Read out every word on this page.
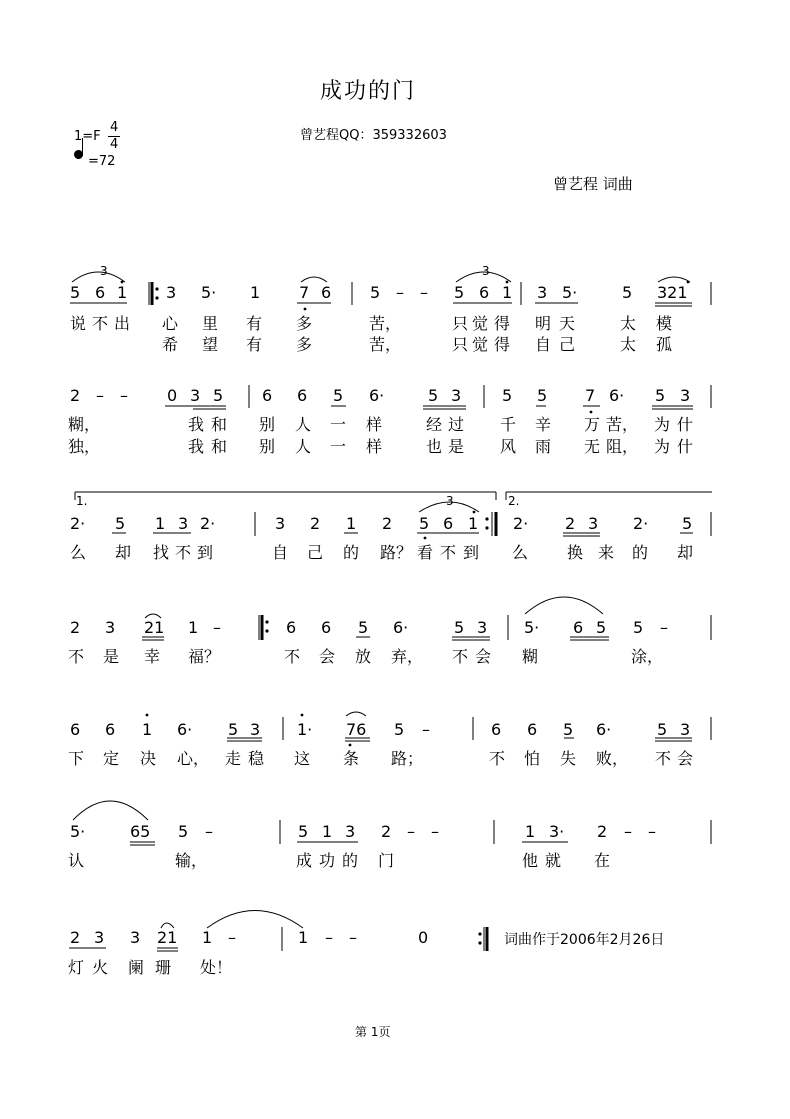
成功的门
1=F
4
4
=72
曾艺程QQ：359332603
曾艺程 词曲
3	3
5 6 1 3 5· 1 7 6 5 – – 5 6 1 3 5·	5 321
说 不 出 心 里 有 多	苦，	只 觉 得 明 天	太 模
希 望 有 多	苦，	只 觉 得 自 己	太 孤
2 – – 0 3 5 6 6 5 6·	5 3	5 5 7 6· 5 3
糊，	我 和 别 人 一 样	经 过 千 辛 万 苦， 为 什
独，	我 和 别 人 一 样	也 是 风 雨 无 阻， 为 什
1.	2.
3
2· 5 1 3 2·	3 2 1 2 5 6 1 2· 2 3 2· 5
么 却 找 不 到	自 己 的 路？ 看 不 到 么 换 来 的 却
2 3 21 1 –	6 6 5 6·	5 3 5· 6 5 5 –
不 是 幸 福？	不 会 放 弃， 不 会 糊	涂，
6 6 1 6· 5 3 1· 76 5 –	6 6 5 6·	5 3
下 定 决 心， 走 稳 这 条 路；	不 怕 失 败， 不 会
5·	65 5 –	5 1 3 2 – –	1 3· 2 – –
认	输，	成 功 的 门	他 就 在
2 3 3 21 1 –	1 – –	0	词曲作于2006年2月26日
灯 火 阑 珊 处！
第 1页
